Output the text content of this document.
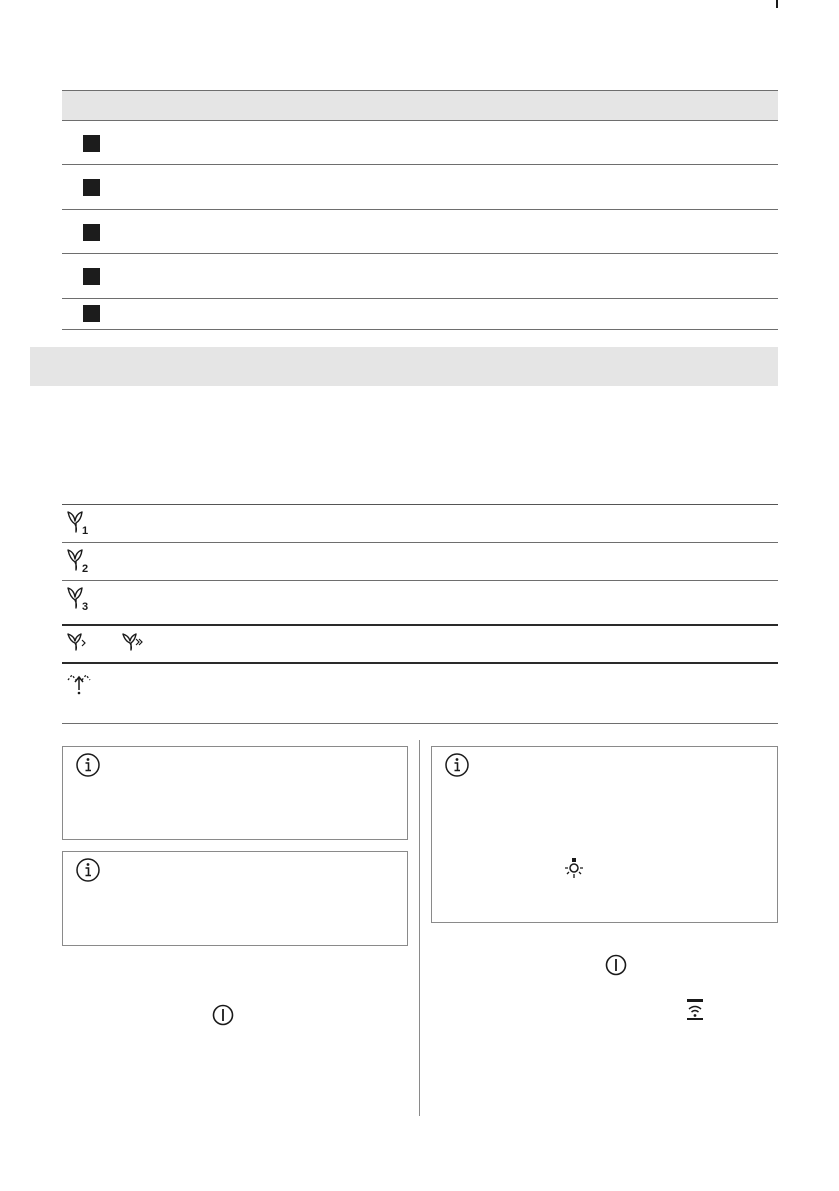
1
2
3
